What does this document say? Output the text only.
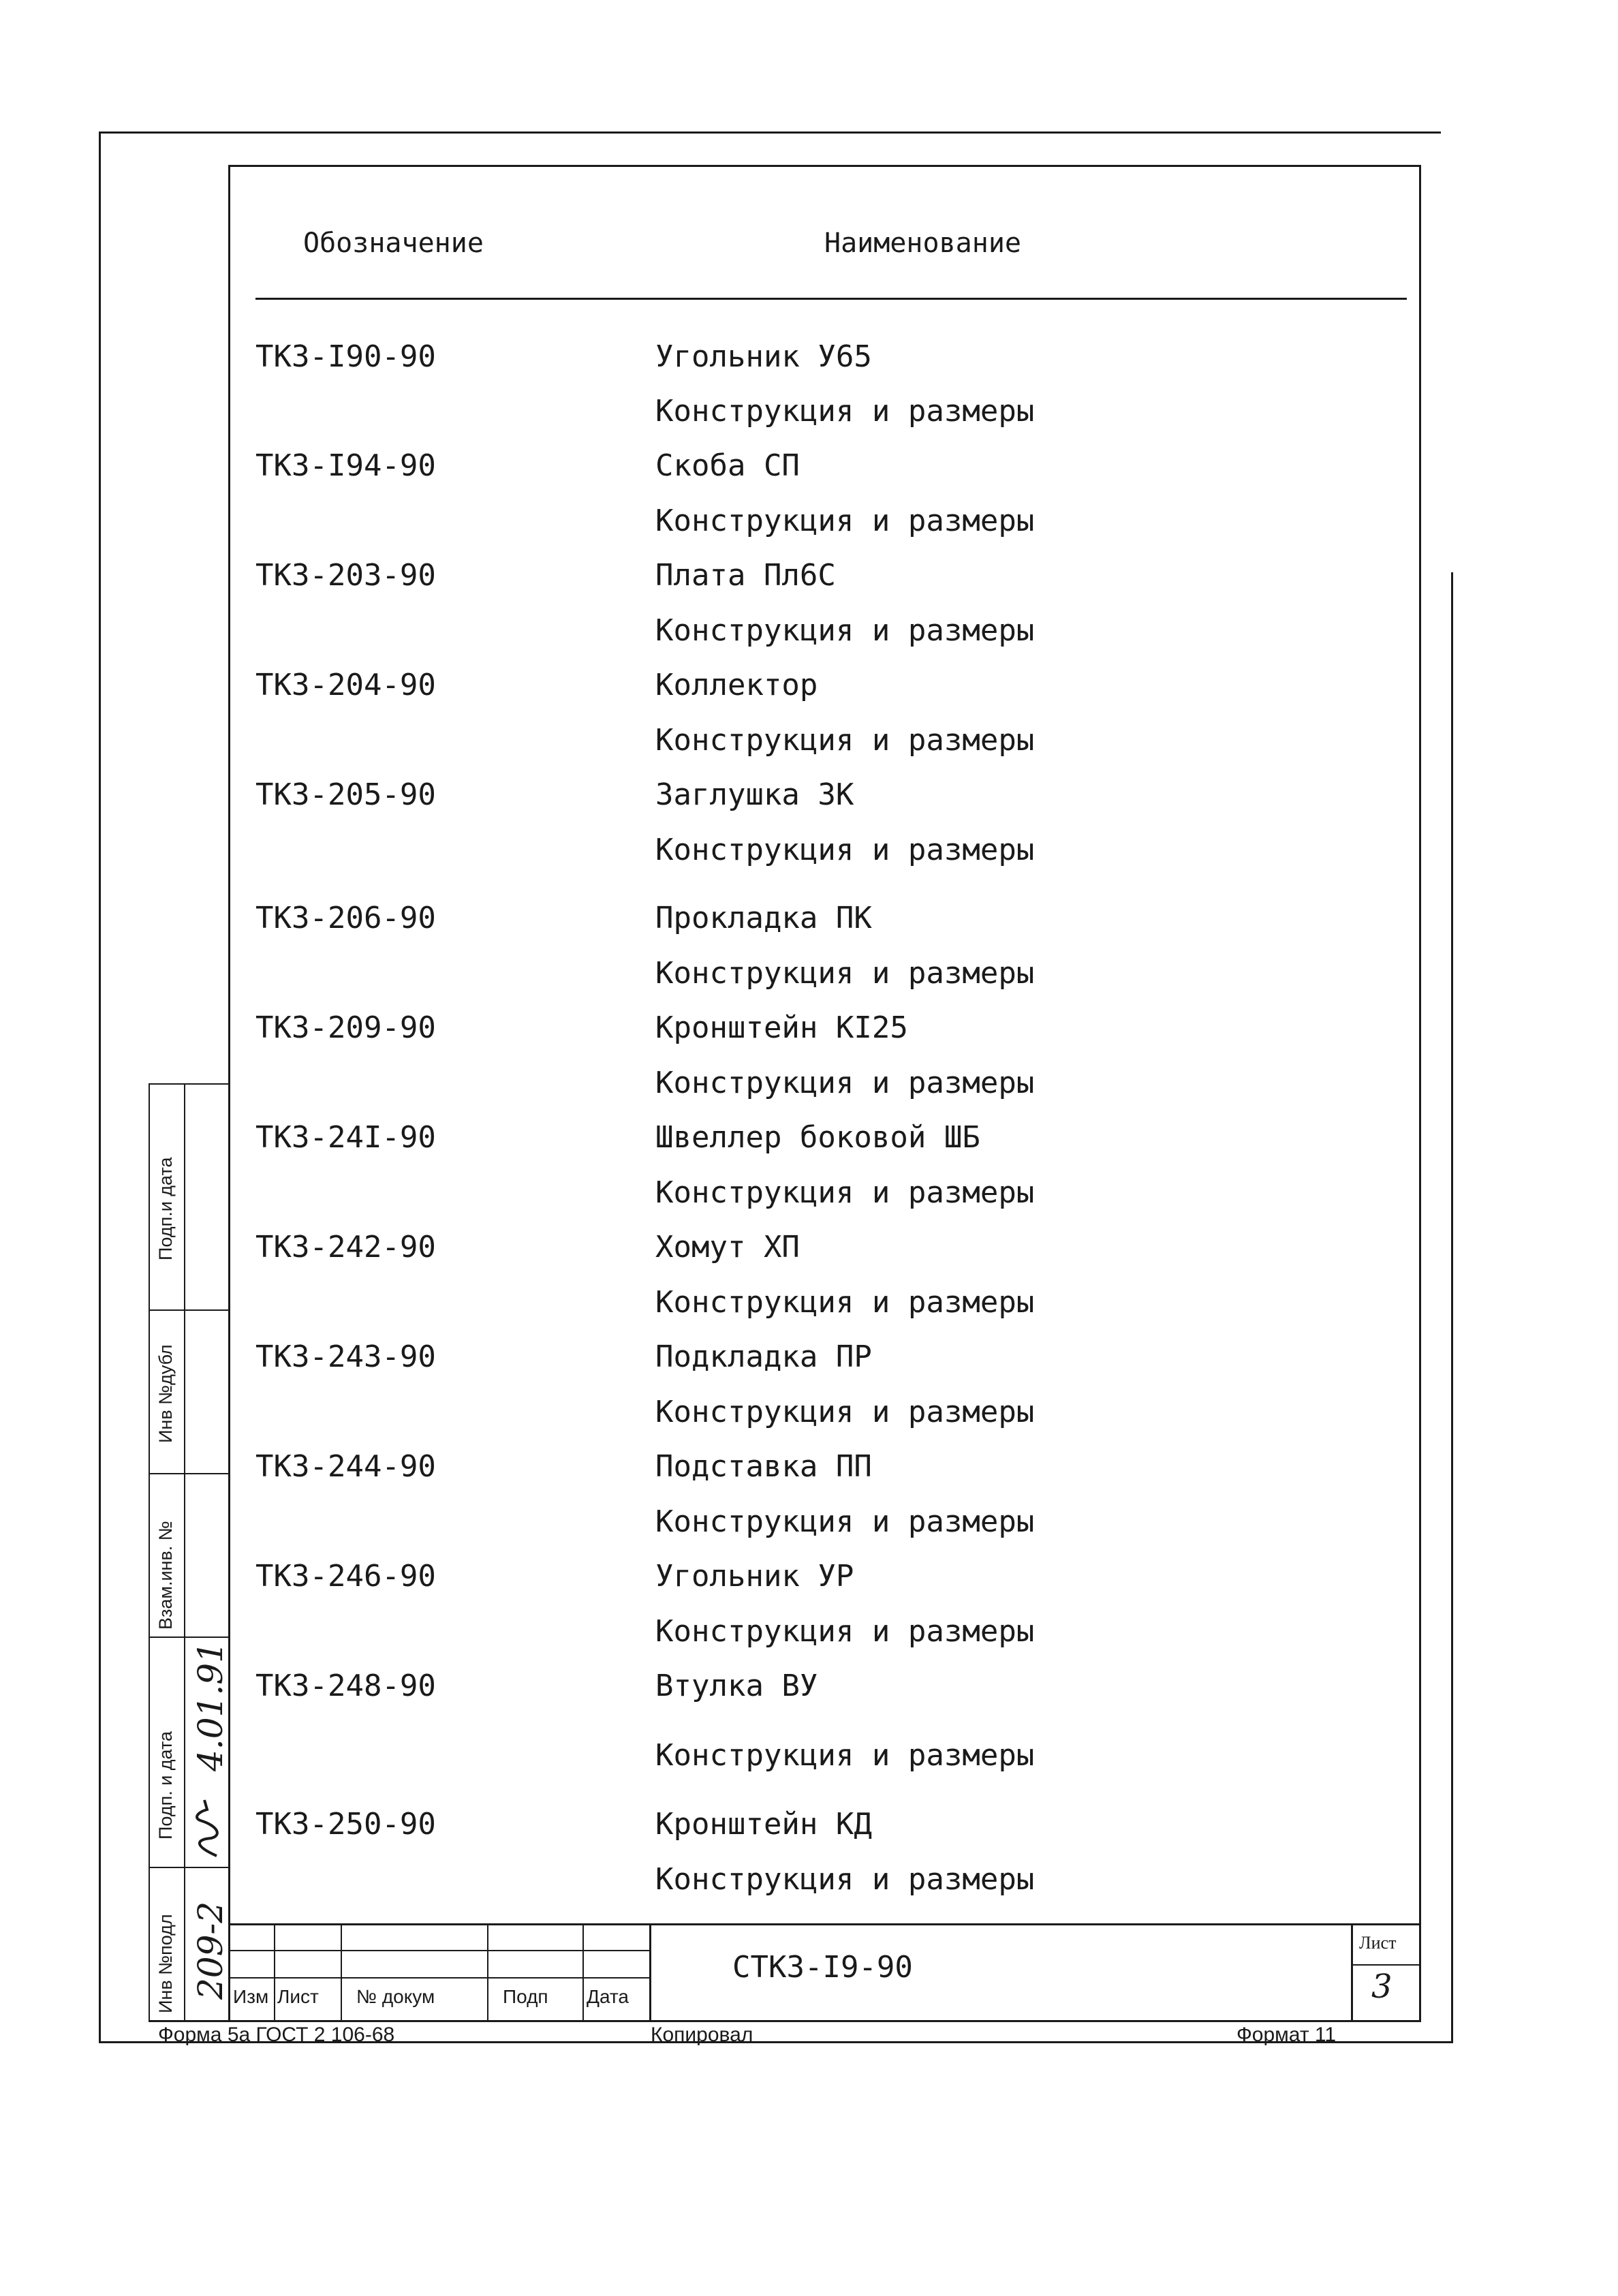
Обозначение	Наименование
ТК3-І90-90	Угольник У65
Конструкция и размеры
ТК3-І94-90	Скоба СП
Конструкция и размеры
ТК3-203-90	Плата Пл6С
Конструкция и размеры
ТК3-204-90	Коллектор
Конструкция и размеры
ТК3-205-90	Заглушка ЗК
Конструкция и размеры
ТК3-206-90	Прокладка ПК
Конструкция и размеры
ТК3-209-90	Кронштейн КІ25
Конструкция и размеры
ТК3-24І-90	Швеллер боковой ШБ
Конструкция и размеры
ТК3-242-90	Хомут ХП
Конструкция и размеры
ТК3-243-90	Подкладка ПР
Конструкция и размеры
ТК3-244-90	Подставка ПП
Конструкция и размеры
ТК3-246-90	Угольник УР
Конструкция и размеры
ТК3-248-90	Втулка ВУ
Конструкция и размеры
ТК3-250-90	Кронштейн КД
Конструкция и размеры
Подп.и дата
Инв №дубл
Взам.инв. №
Подп. и дата
Инв №подл
4.01.91
209-2 Изм Лист № докум	Подп Дата
СТК3-І9-90
Лист
3
Форма 5а ГОСТ 2 106-68	Копировал	Формат 11
